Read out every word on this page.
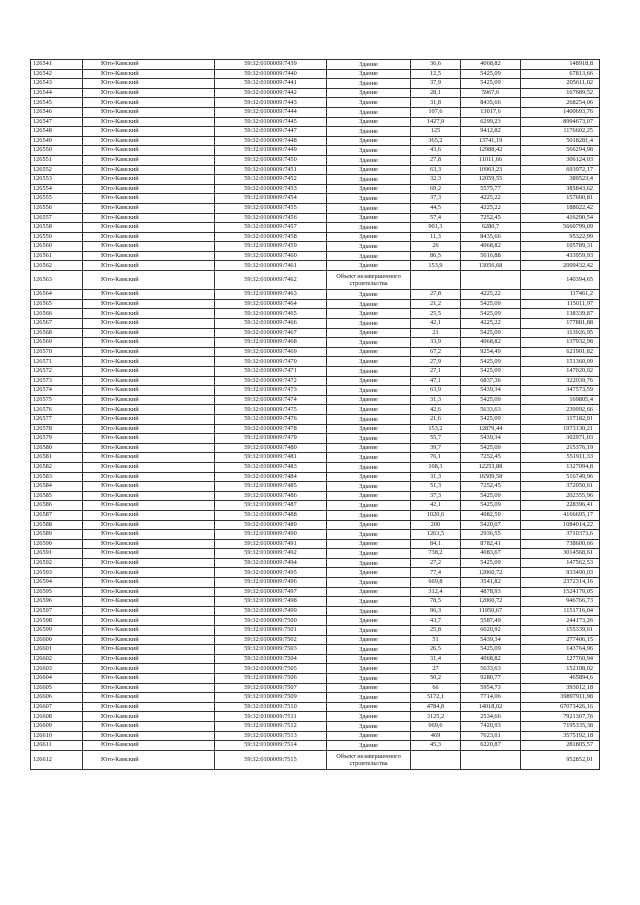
126541	Юго-Камский	59:32:0100009:7439	Здание	36,6	4068,82	148918,8
126542	Юго-Камский	59:32:0100009:7440	Здание	12,5	5425,09	67813,66
126543	Юго-Камский	59:32:0100009:7441	Здание	37,9	5425,09	205611,02
126544	Юго-Камский	59:32:0100009:7442	Здание	28,1	5967,6	167689,52
126545	Юго-Камский	59:32:0100009:7443	Здание	31,8	8435,66	268254,06
126546	Юго-Камский	59:32:0100009:7444	Здание	107,6	13017,6	1400693,76
126547	Юго-Камский	59:32:0100009:7445	Здание	1427,9	6299,23	8994673,07
126548	Юго-Камский	59:32:0100009:7447	Здание	125	9412,82	1176602,25
126549	Юго-Камский	59:32:0100009:7448	Здание	365,2	13741,19	5018281,4
126550	Юго-Камский	59:32:0100009:7449	Здание	43,6	12988,42	566294,98
126551	Юго-Камский	59:32:0100009:7450	Здание	27,8	11011,66	306124,03
126552	Юго-Камский	59:32:0100009:7451	Здание	63,3	10963,23	693972,17
126553	Юго-Камский	59:32:0100009:7452	Здание	32,3	12059,55	389523,4
126554	Юго-Камский	59:32:0100009:7453	Здание	69,2	5575,77	385843,62
126555	Юго-Камский	59:32:0100009:7454	Здание	37,3	4225,22	157600,81
126556	Юго-Камский	59:32:0100009:7455	Здание	44,5	4225,22	188022,42
126557	Юго-Камский	59:32:0100009:7456	Здание	57,4	7252,45	416290,54
126558	Юго-Камский	59:32:0100009:7457	Здание	901,3	6280,7	5660799,09
126559	Юго-Камский	59:32:0100009:7458	Здание	11,3	8435,66	95322,99
126560	Юго-Камский	59:32:0100009:7459	Здание	26	4068,82	105789,31
126561	Юго-Камский	59:32:0100009:7460	Здание	86,5	5016,88	433959,93
126562	Юго-Камский	59:32:0100009:7461	Здание	153,9	13056,68	2009432,42
126563	Юго-Камский	59:32:0100009:7462	Объект незавершенного строительства			140394,65
126564	Юго-Камский	59:32:0100009:7463	Здание	27,8	4225,22	117461,2
126565	Юго-Камский	59:32:0100009:7464	Здание	21,2	5425,09	115011,97
126566	Юго-Камский	59:32:0100009:7465	Здание	25,5	5425,09	138339,87
126567	Юго-Камский	59:32:0100009:7466	Здание	42,1	4225,22	177881,88
126568	Юго-Камский	59:32:0100009:7467	Здание	21	5425,09	113926,95
126569	Юго-Камский	59:32:0100009:7468	Здание	33,9	4068,82	137932,98
126570	Юго-Камский	59:32:0100009:7469	Здание	67,2	9254,49	621901,82
126571	Юго-Камский	59:32:0100009:7470	Здание	27,9	5425,09	151360,09
126572	Юго-Камский	59:32:0100009:7471	Здание	27,1	5425,09	147020,02
126573	Юго-Камский	59:32:0100009:7472	Здание	47,1	6837,36	322039,76
126574	Юго-Камский	59:32:0100009:7473	Здание	63,9	5439,34	347573,59
126575	Юго-Камский	59:32:0100009:7474	Здание	31,3	5425,09	169805,4
126576	Юго-Камский	59:32:0100009:7475	Здание	42,6	5633,63	239992,66
126577	Юго-Камский	59:32:0100009:7476	Здание	21,6	5425,09	117182,01
126578	Юго-Камский	59:32:0100009:7478	Здание	153,2	12879,44	1973130,21
126579	Юго-Камский	59:32:0100009:7479	Здание	55,7	5439,34	302971,03
126580	Юго-Камский	59:32:0100009:7480	Здание	39,7	5425,09	215376,19
126581	Юго-Камский	59:32:0100009:7481	Здание	76,1	7252,45	551911,33
126582	Юго-Камский	59:32:0100009:7483	Здание	108,3	12253,88	1327094,8
126583	Юго-Камский	59:32:0100009:7484	Здание	31,3	16509,58	516749,96
126584	Юго-Камский	59:32:0100009:7485	Здание	51,3	7252,45	372050,61
126585	Юго-Камский	59:32:0100009:7486	Здание	37,3	5425,09	202355,96
126586	Юго-Камский	59:32:0100009:7487	Здание	42,1	5425,09	228396,41
126587	Юго-Камский	59:32:0100009:7488	Здание	1020,6	4082,59	4166695,17
126588	Юго-Камский	59:32:0100009:7489	Здание	200	5420,07	1084014,22
126589	Юго-Камский	59:32:0100009:7490	Здание	1263,5	2936,55	3710373,6
126590	Юго-Камский	59:32:0100009:7491	Здание	84,1	8782,41	738600,66
126591	Юго-Камский	59:32:0100009:7492	Здание	738,2	4083,67	3014568,61
126592	Юго-Камский	59:32:0100009:7494	Здание	27,2	5425,09	147562,53
126593	Юго-Камский	59:32:0100009:7495	Здание	77,4	12060,72	933490,03
126594	Юго-Камский	59:32:0100009:7496	Здание	669,8	3541,82	2372314,16
126595	Юго-Камский	59:32:0100009:7497	Здание	312,4	4878,93	1524179,05
126596	Юго-Камский	59:32:0100009:7498	Здание	78,5	12060,72	946766,73
126597	Юго-Камский	59:32:0100009:7499	Здание	96,3	11950,67	1151716,04
126598	Юго-Камский	59:32:0100009:7500	Здание	43,7	5587,49	244173,26
126599	Юго-Камский	59:32:0100009:7501	Здание	25,8	6020,92	155339,61
126600	Юго-Камский	59:32:0100009:7502	Здание	51	5439,34	277406,15
126601	Юго-Камский	59:32:0100009:7503	Здание	26,5	5425,09	143764,96
126602	Юго-Камский	59:32:0100009:7504	Здание	31,4	4068,82	127760,94
126603	Юго-Камский	59:32:0100009:7505	Здание	27	5633,63	152108,02
126604	Юго-Камский	59:32:0100009:7506	Здание	50,2	9280,77	465894,6
126605	Юго-Камский	59:32:0100009:7507	Здание	66	5954,73	393012,18
126606	Юго-Камский	59:32:0100009:7509	Здание	5172,1	7714,06	39897911,98
126607	Юго-Камский	59:32:0100009:7510	Здание	4784,8	14018,02	67073426,16
126608	Юго-Камский	59:32:0100009:7511	Здание	3125,2	2534,66	7921307,76
126609	Юго-Камский	59:32:0100009:7512	Здание	969,6	7420,93	7195335,38
126610	Юго-Камский	59:32:0100009:7513	Здание	469	7623,01	3575192,18
126611	Юго-Камский	59:32:0100009:7514	Здание	45,3	6220,87	281805,57
126612	Юго-Камский	59:32:0100009:7515	Объект незавершенного строительства			952852,01
